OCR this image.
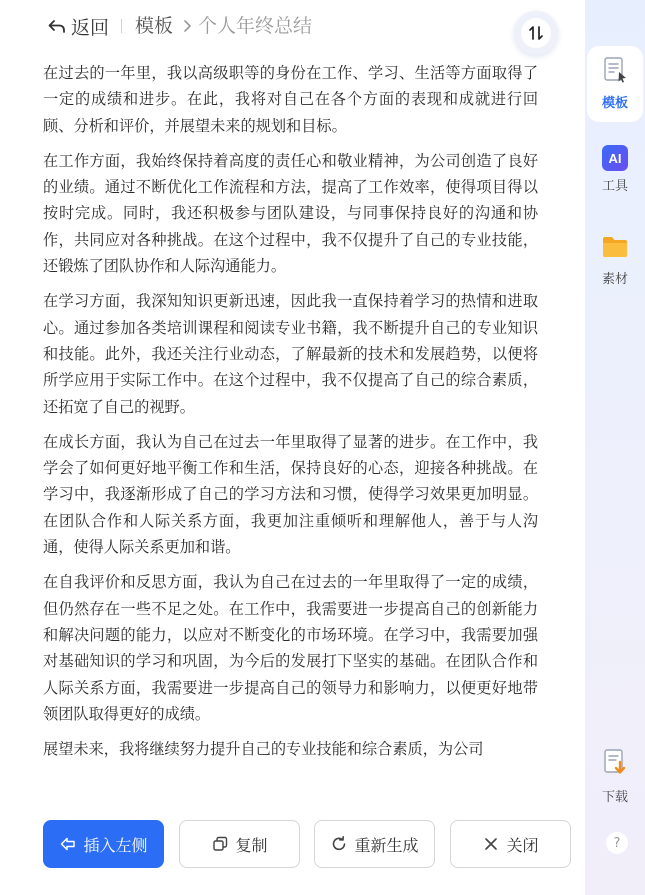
返回 模板 个人年终总结

在过去的一年里，我以高级职等的身份在工作、学习、生活等方面取得了一定的成绩和进步。在此，我将对自己在各个方面的表现和成就进行回顾、分析和评价，并展望未来的规划和目标。

在工作方面，我始终保持着高度的责任心和敬业精神，为公司创造了良好的业绩。通过不断优化工作流程和方法，提高了工作效率，使得项目得以按时完成。同时，我还积极参与团队建设，与同事保持良好的沟通和协作，共同应对各种挑战。在这个过程中，我不仅提升了自己的专业技能，还锻炼了团队协作和人际沟通能力。

在学习方面，我深知知识更新迅速，因此我一直保持着学习的热情和进取心。通过参加各类培训课程和阅读专业书籍，我不断提升自己的专业知识和技能。此外，我还关注行业动态，了解最新的技术和发展趋势，以便将所学应用于实际工作中。在这个过程中，我不仅提高了自己的综合素质，还拓宽了自己的视野。

在成长方面，我认为自己在过去一年里取得了显著的进步。在工作中，我学会了如何更好地平衡工作和生活，保持良好的心态，迎接各种挑战。在学习中，我逐渐形成了自己的学习方法和习惯，使得学习效果更加明显。在团队合作和人际关系方面，我更加注重倾听和理解他人，善于与人沟通，使得人际关系更加和谐。

在自我评价和反思方面，我认为自己在过去的一年里取得了一定的成绩，但仍然存在一些不足之处。在工作中，我需要进一步提高自己的创新能力和解决问题的能力，以应对不断变化的市场环境。在学习中，我需要加强对基础知识的学习和巩固，为今后的发展打下坚实的基础。在团队合作和人际关系方面，我需要进一步提高自己的领导力和影响力，以便更好地带领团队取得更好的成绩。

展望未来，我将继续努力提升自己的专业技能和综合素质，为公司

插入左侧	复制	重新生成	关闭
模板
AI
工具
素材
下载
?
